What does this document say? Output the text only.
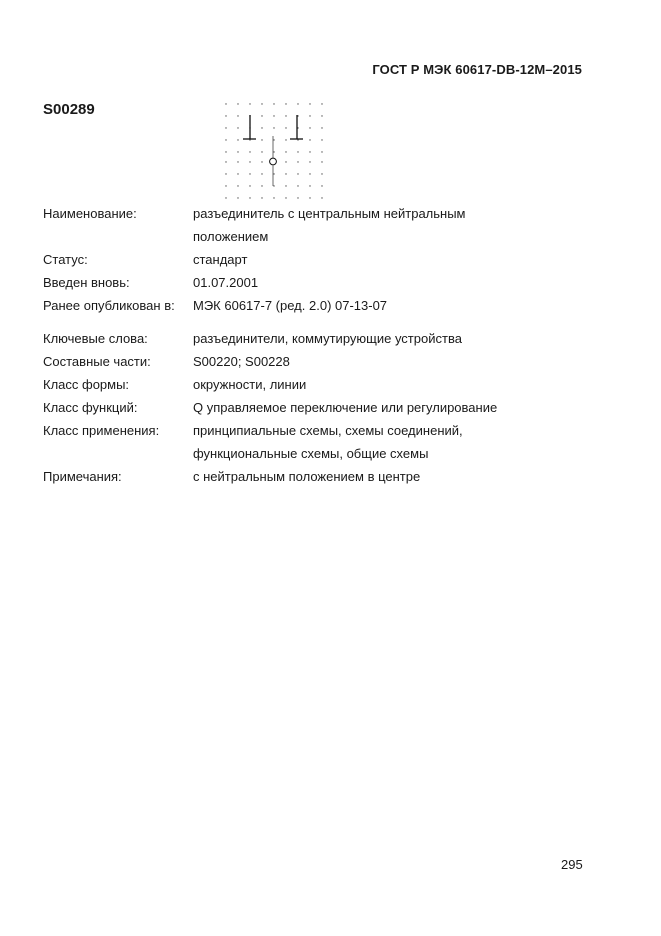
ГОСТ Р МЭК 60617-DB-12M–2015
S00289
Наименование:	разъединитель с центральным нейтральным
положением
Статус:	стандарт
Введен вновь:	01.07.2001
Ранее опубликован в:	МЭК 60617-7 (ред. 2.0) 07-13-07
Ключевые слова:	разъединители, коммутирующие устройства
Составные части:	S00220; S00228
Класс формы:	окружности, линии
Класс функций:	Q управляемое переключение или регулирование
Класс применения:	принципиальные схемы, схемы соединений,
функциональные схемы, общие схемы
Примечания:	с нейтральным положением в центре
295
